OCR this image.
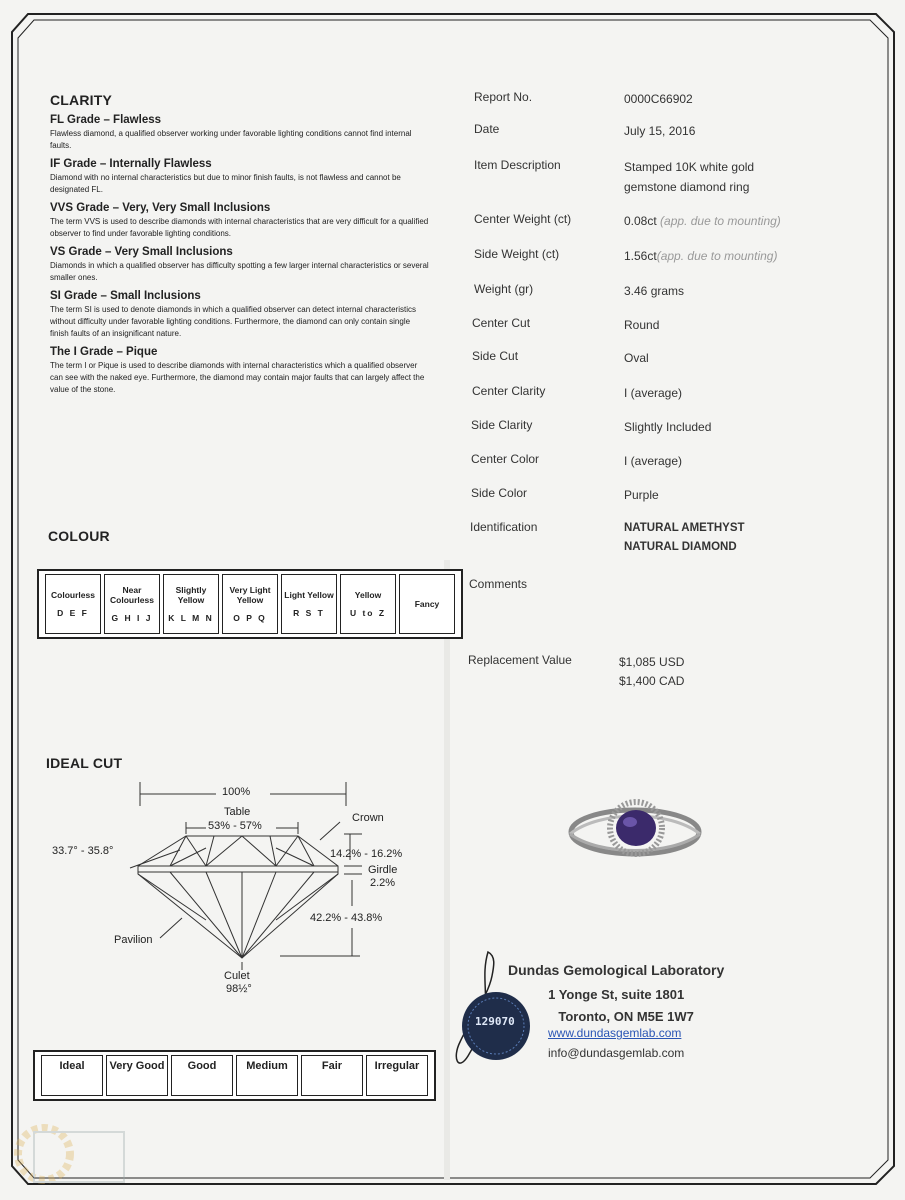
CLARITY
FL Grade – Flawless

Flawless diamond, a qualified observer working under favorable lighting conditions cannot find internal faults.

IF Grade – Internally Flawless

Diamond with no internal characteristics but due to minor finish faults, is not flawless and cannot be designated FL.

VVS Grade – Very, Very Small Inclusions

The term VVS is used to describe diamonds with internal characteristics that are very difficult for a qualified observer to find under favorable lighting conditions.

VS Grade – Very Small Inclusions

Diamonds in which a qualified observer has difficulty spotting a few larger internal characteristics or several smaller ones.

SI Grade – Small Inclusions

The term SI is used to denote diamonds in which a qualified observer can detect internal characteristics without difficulty under favorable lighting conditions. Furthermore, the diamond can only contain single finish faults of an insignificant nature.

The I Grade – Pique

The term I or Pique is used to describe diamonds with internal characteristics which a qualified observer can see with the naked eye. Furthermore, the diamond may contain major faults that can largely affect the value of the stone.

COLOUR
Colourless
D E F

Near Colourless
G H I J

Slightly Yellow
K L M N

Very Light Yellow
O P Q

Light Yellow
R S T

Yellow
U to Z

Fancy
IDEAL CUT
100%
Table
53% - 57%
Crown
33.7° - 35.8°	14.2% - 16.2%
Girdle
2.2%
42.2% - 43.8%
Pavilion
Culet
98½°
Ideal	Very Good	Good	Medium	Fair	Irregular
Report No.	0000C66902
Date	July 15, 2016
Item Description	Stamped 10K white gold
gemstone diamond ring
Center Weight (ct)	0.08ct (app. due to mounting)
Side Weight (ct)	1.56ct(app. due to mounting)
Weight (gr)	3.46 grams
Center Cut	Round
Side Cut	Oval
Center Clarity	I (average)
Side Clarity	Slightly Included
Center Color	I (average)
Side Color	Purple
Identification	NATURAL AMETHYST
NATURAL DIAMOND
Comments
Replacement Value	$1,085 USD
$1,400 CAD
129070
Dundas Gemological Laboratory
1 Yonge St, suite 1801
Toronto, ON M5E 1W7
www.dundasgemlab.com
info@dundasgemlab.com
